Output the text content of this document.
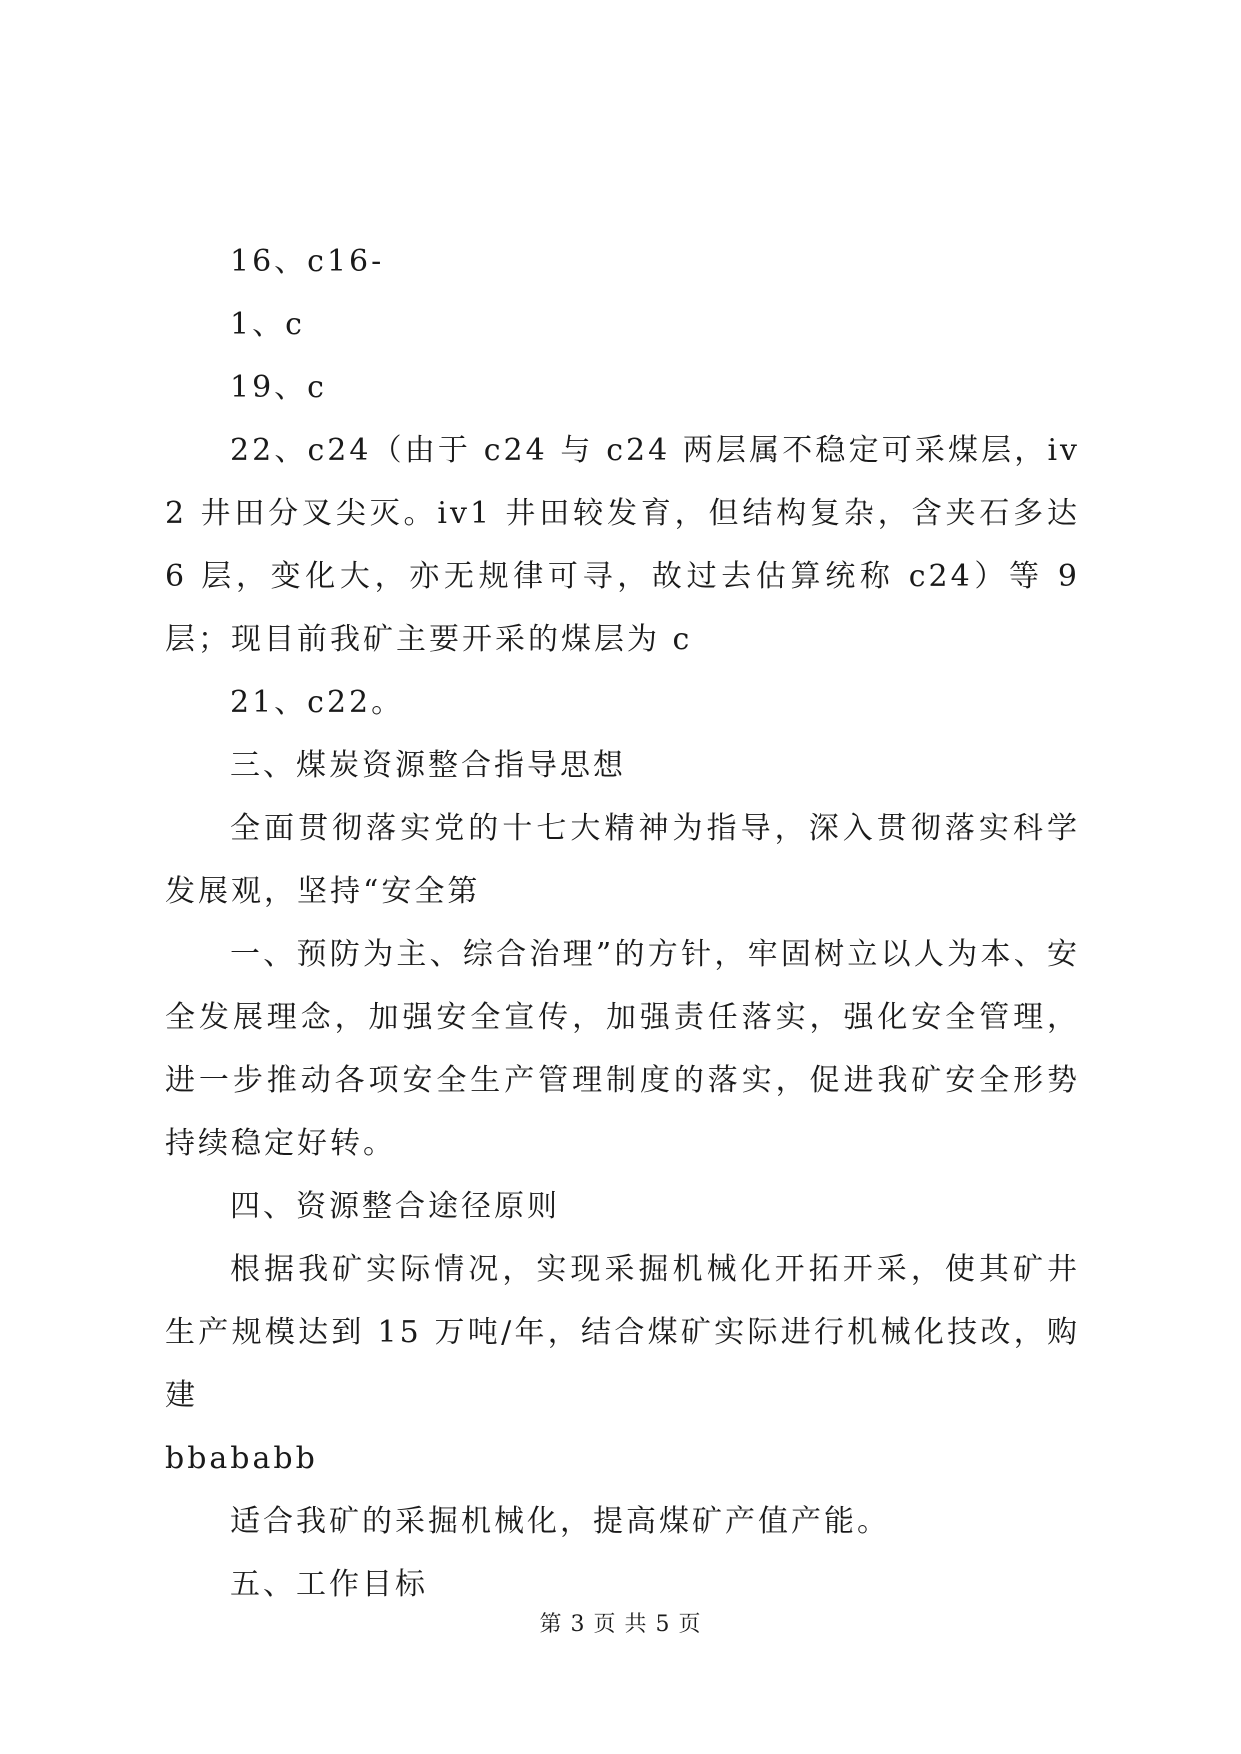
16、c16-

1、c

19、c

22、c24（由于 c24 与 c24 两层属不稳定可采煤层，iv2 井田分叉尖灭。iv1 井田较发育，但结构复杂，含夹石多达 6 层，变化大，亦无规律可寻，故过去估算统称 c24）等 9 层；现目前我矿主要开采的煤层为 c

21、c22。

三、煤炭资源整合指导思想

全面贯彻落实党的十七大精神为指导，深入贯彻落实科学发展观，坚持“安全第

一、预防为主、综合治理”的方针，牢固树立以人为本、安全发展理念，加强安全宣传，加强责任落实，强化安全管理，进一步推动各项安全生产管理制度的落实，促进我矿安全形势持续稳定好转。

四、资源整合途径原则

根据我矿实际情况，实现采掘机械化开拓开采，使其矿井生产规模达到 15 万吨/年，结合煤矿实际进行机械化技改，购建

bbababb

适合我矿的采掘机械化，提高煤矿产值产能。

五、工作目标

第 3 页 共 5 页
